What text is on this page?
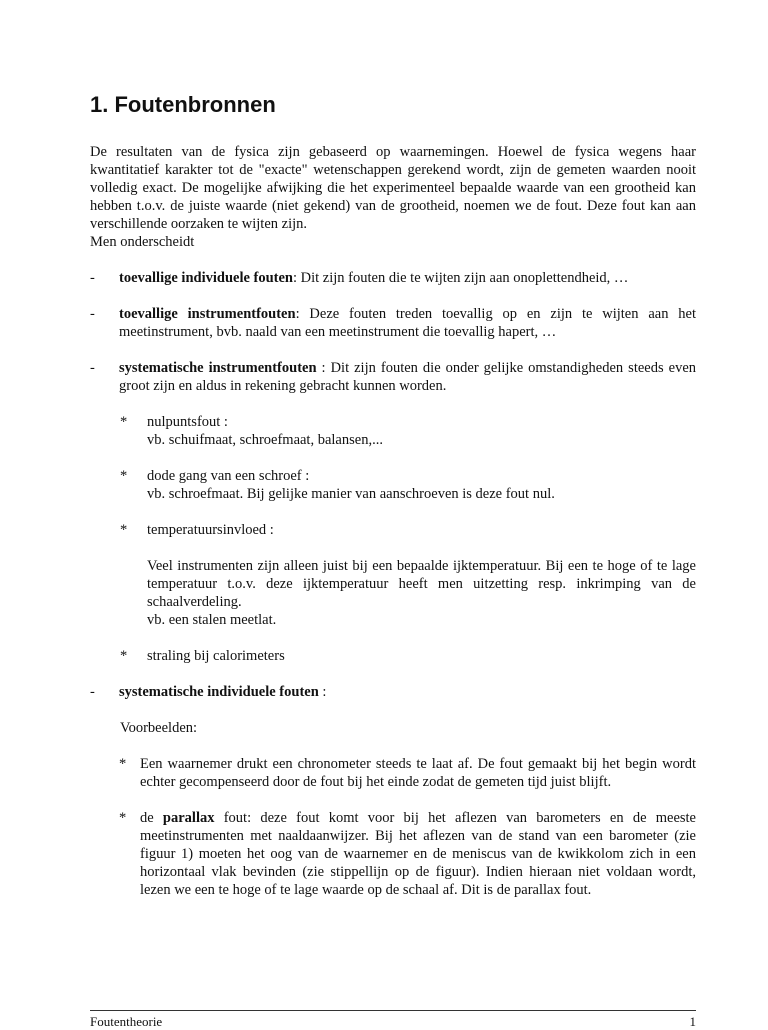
1. Foutenbronnen

De resultaten van de fysica zijn gebaseerd op waarnemingen. Hoewel de fysica wegens haar kwantitatief karakter tot de "exacte" wetenschappen gerekend wordt, zijn de gemeten waarden nooit volledig exact. De mogelijke afwijking die het experimenteel bepaalde waarde van een grootheid kan hebben t.o.v. de juiste waarde (niet gekend) van de grootheid, noemen we de fout. Deze fout kan aan verschillende oorzaken te wijten zijn.

Men onderscheidt

- toevallige individuele fouten: Dit zijn fouten die te wijten zijn aan onoplettendheid, …
- toevallige instrumentfouten: Deze fouten treden toevallig op en zijn te wijten aan het meetinstrument, bvb. naald van een meetinstrument die toevallig hapert, …
- systematische instrumentfouten : Dit zijn fouten die onder gelijke omstandigheden steeds even groot zijn en aldus in rekening gebracht kunnen worden.
* nulpuntsfout :
vb. schuifmaat, schroefmaat, balansen,...
* dode gang van een schroef :
vb. schroefmaat. Bij gelijke manier van aanschroeven is deze fout nul.
* temperatuursinvloed :

Veel instrumenten zijn alleen juist bij een bepaalde ijktemperatuur. Bij een te hoge of te lage temperatuur t.o.v. deze ijktemperatuur heeft men uitzetting resp. inkrimping van de schaalverdeling.

vb. een stalen meetlat.
* straling bij calorimeters
- systematische individuele fouten :
Voorbeelden:
* Een waarnemer drukt een chronometer steeds te laat af. De fout gemaakt bij het begin wordt echter gecompenseerd door de fout bij het einde zodat de gemeten tijd juist blijft.

* de parallax fout: deze fout komt voor bij het aflezen van barometers en de meeste meetinstrumenten met naaldaanwijzer. Bij het aflezen van de stand van een barometer (zie figuur 1) moeten het oog van de waarnemer en de meniscus van de kwikkolom zich in een horizontaal vlak bevinden (zie stippellijn op de figuur). Indien hieraan niet voldaan wordt, lezen we een te hoge of te lage waarde op de schaal af. Dit is de parallax fout.

Foutentheorie	1
